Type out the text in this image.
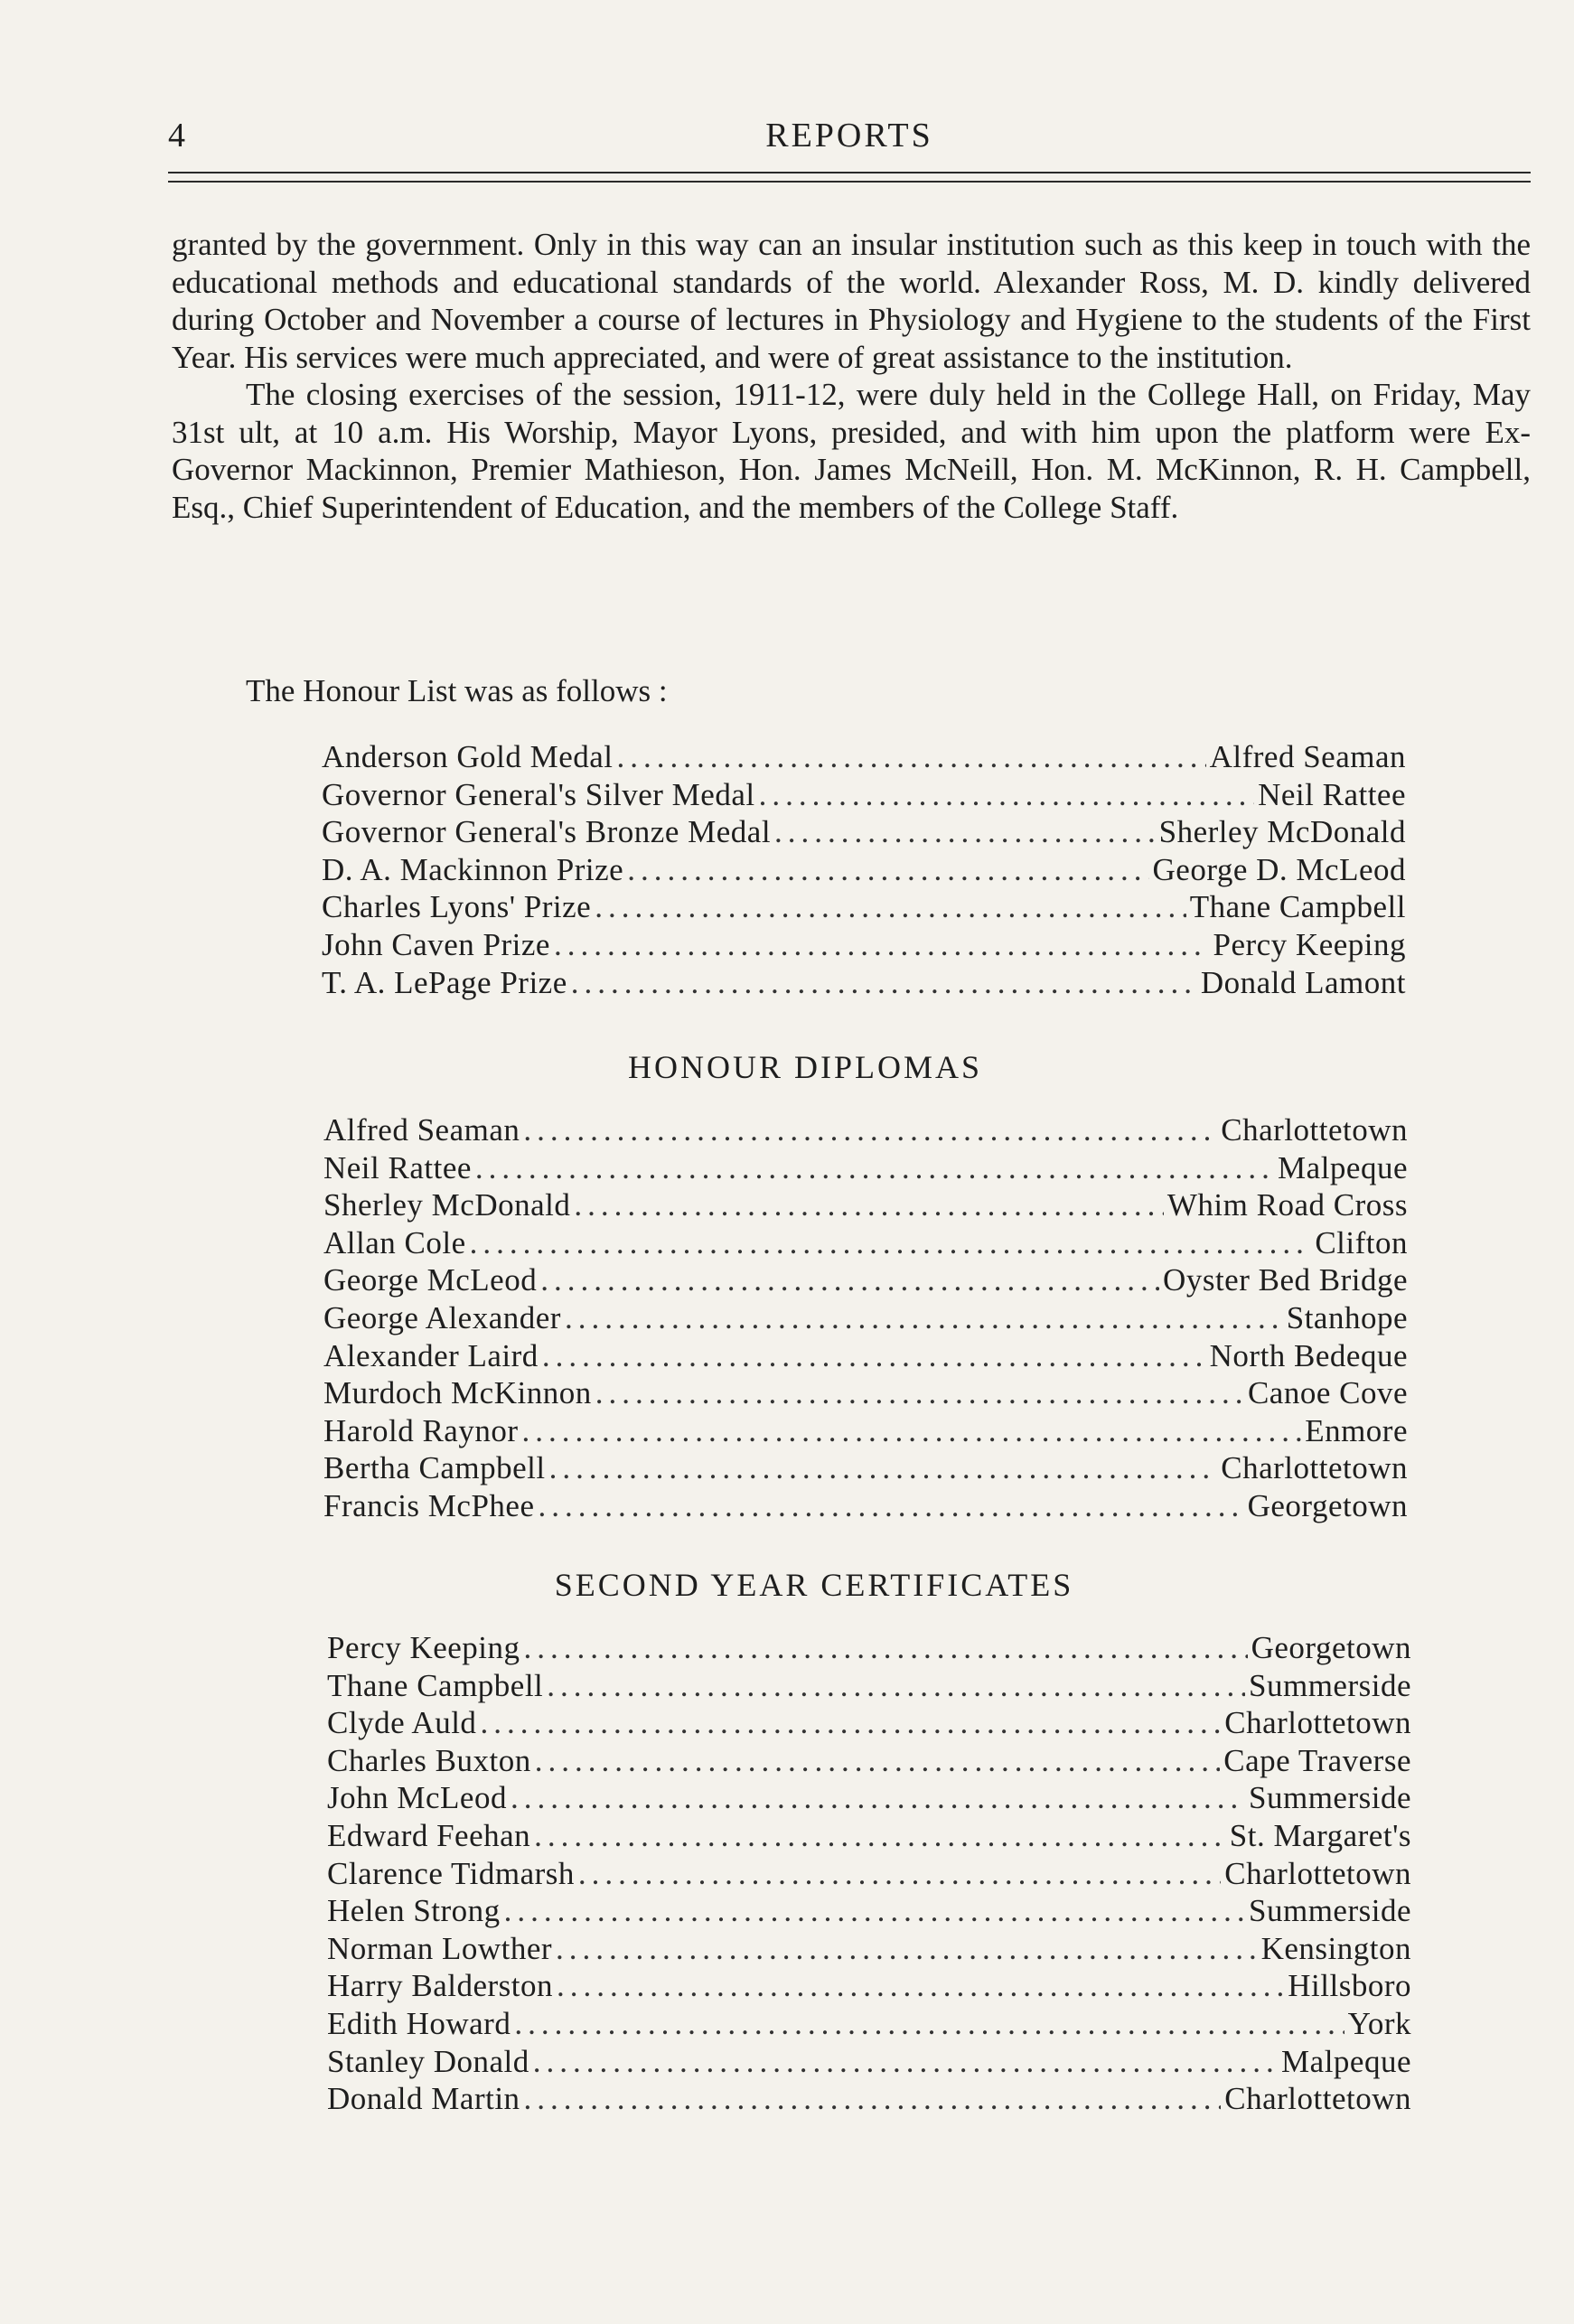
4	REPORTS

granted by the government. Only in this way can an insular institution such as this keep in touch with the educational methods and educational standards of the world. Alexander Ross, M. D. kindly delivered during October and November a course of lectures in Physiology and Hygiene to the students of the First Year. His services were much appreciated, and were of great assistance to the institution.

The closing exercises of the session, 1911-12, were duly held in the College Hall, on Friday, May 31st ult, at 10 a.m. His Worship, Mayor Lyons, presided, and with him upon the platform were Ex-Governor Mackinnon, Premier Mathieson, Hon. James McNeill, Hon. M. McKinnon, R. H. Campbell, Esq., Chief Superintendent of Education, and the members of the College Staff.

The Honour List was as follows :
Anderson Gold Medal .....	Alfred Seaman
Governor General's Silver Medal .....	Neil Rattee
Governor General's Bronze Medal .....	Sherley McDonald
D. A. Mackinnon Prize .....	George D. McLeod
Charles Lyons' Prize .....	Thane Campbell
John Caven Prize .....	Percy Keeping
T. A. LePage Prize .....	Donald Lamont
HONOUR DIPLOMAS
Alfred Seaman .....	Charlottetown
Neil Rattee .....	Malpeque
Sherley McDonald .....	Whim Road Cross
Allan Cole .....	Clifton
George McLeod .....	Oyster Bed Bridge
George Alexander .....	Stanhope
Alexander Laird .....	North Bedeque
Murdoch McKinnon .....	Canoe Cove
Harold Raynor .....	Enmore
Bertha Campbell .....	Charlottetown
Francis McPhee .....	Georgetown
SECOND YEAR CERTIFICATES
Percy Keeping .....	Georgetown
Thane Campbell .....	Summerside
Clyde Auld .....	Charlottetown
Charles Buxton .....	Cape Traverse
John McLeod .....	Summerside
Edward Feehan .....	St. Margaret's
Clarence Tidmarsh .....	Charlottetown
Helen Strong .....	Summerside
Norman Lowther .....	Kensington
Harry Balderston .....	Hillsboro
Edith Howard .....	York
Stanley Donald .....	Malpeque
Donald Martin .....	Charlottetown
